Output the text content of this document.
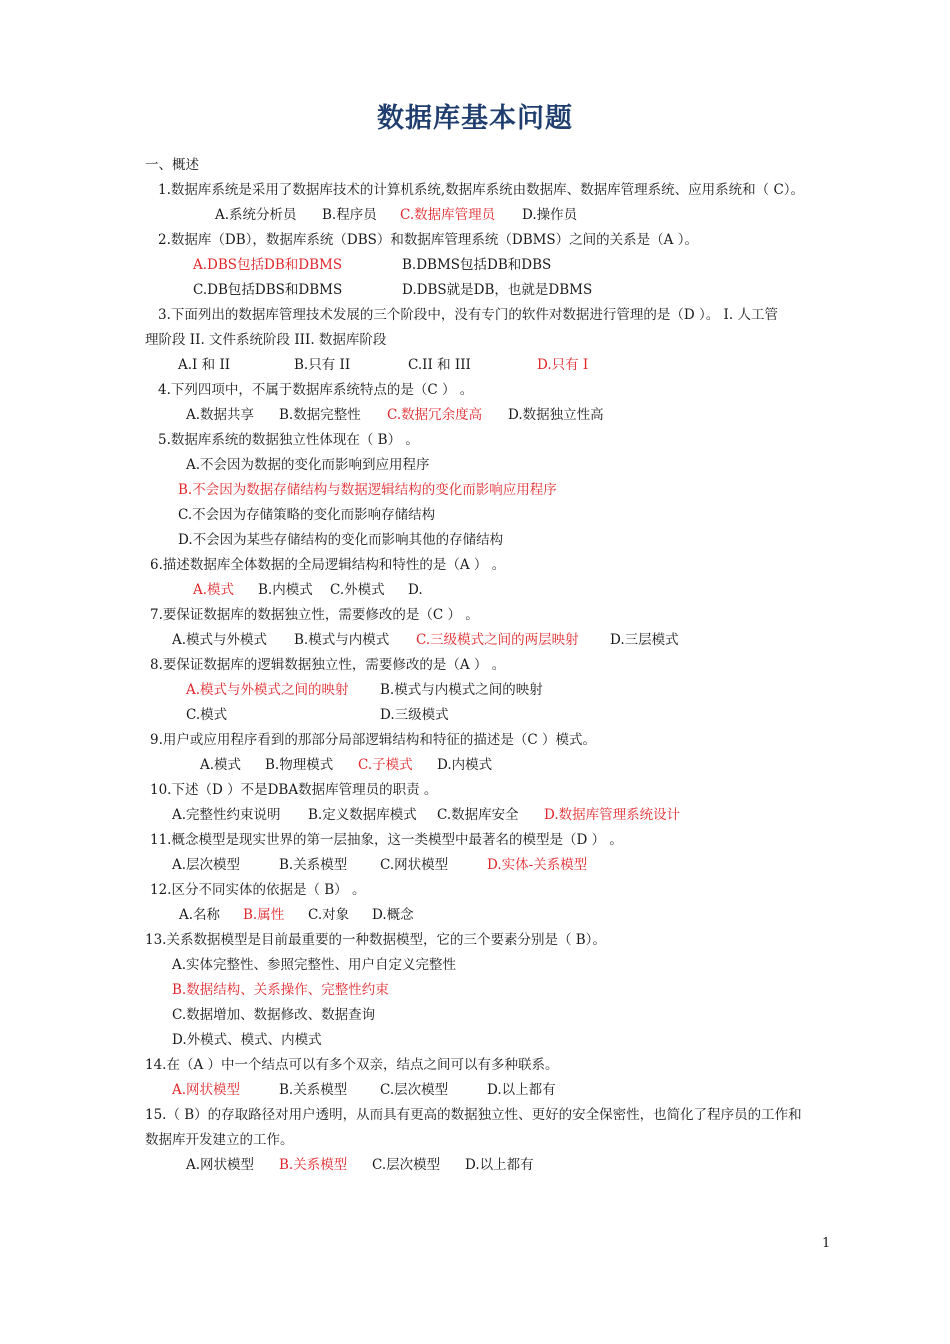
数据库基本问题
一、概述
1.数据库系统是采用了数据库技术的计算机系统,数据库系统由数据库、数据库管理系统、应用系统和（ C）。
A.系统分析员 B.程序员 C.数据库管理员 D.操作员
2.数据库（DB），数据库系统（DBS）和数据库管理系统（DBMS）之间的关系是（A ）。
A.DBS包括DB和DBMS	B.DBMS包括DB和DBS
C.DB包括DBS和DBMS	D.DBS就是DB，也就是DBMS
3.下面列出的数据库管理技术发展的三个阶段中，没有专门的软件对数据进行管理的是（D ）。 I. 人工管
理阶段 II. 文件系统阶段 III. 数据库阶段
A.I 和 II	B.只有 II	C.II 和 III	D.只有 I
4.下列四项中，不属于数据库系统特点的是（C ） 。
A.数据共享 B.数据完整性 C.数据冗余度高 D.数据独立性高
5.数据库系统的数据独立性体现在（ B） 。
A.不会因为数据的变化而影响到应用程序
B.不会因为数据存储结构与数据逻辑结构的变化而影响应用程序
C.不会因为存储策略的变化而影响存储结构
D.不会因为某些存储结构的变化而影响其他的存储结构
6.描述数据库全体数据的全局逻辑结构和特性的是（A ） 。
A.模式 B.内模式 C.外模式 D.
7.要保证数据库的数据独立性，需要修改的是（C ） 。
A.模式与外模式 B.模式与内模式 C.三级模式之间的两层映射 D.三层模式
8.要保证数据库的逻辑数据独立性，需要修改的是（A ） 。
A.模式与外模式之间的映射 B.模式与内模式之间的映射
C.模式	D.三级模式
9.用户或应用程序看到的那部分局部逻辑结构和特征的描述是（C ）模式。
A.模式 B.物理模式 C.子模式 D.内模式
10.下述（D ）不是DBA数据库管理员的职责 。
A.完整性约束说明 B.定义数据库模式 C.数据库安全 D.数据库管理系统设计
11.概念模型是现实世界的第一层抽象，这一类模型中最著名的模型是（D ） 。
A.层次模型	B.关系模型 C.网状模型	D.实体-关系模型
12.区分不同实体的依据是（ B） 。
A.名称 B.属性 C.对象 D.概念
13.关系数据模型是目前最重要的一种数据模型，它的三个要素分别是（ B）。
A.实体完整性、参照完整性、用户自定义完整性
B.数据结构、关系操作、完整性约束
C.数据增加、数据修改、数据查询
D.外模式、模式、内模式
14.在（A ）中一个结点可以有多个双亲，结点之间可以有多种联系。
A.网状模型	B.关系模型 C.层次模型	D.以上都有
15.（ B）的存取路径对用户透明，从而具有更高的数据独立性、更好的安全保密性，也简化了程序员的工作和
数据库开发建立的工作。
A.网状模型 B.关系模型 C.层次模型 D.以上都有
1
